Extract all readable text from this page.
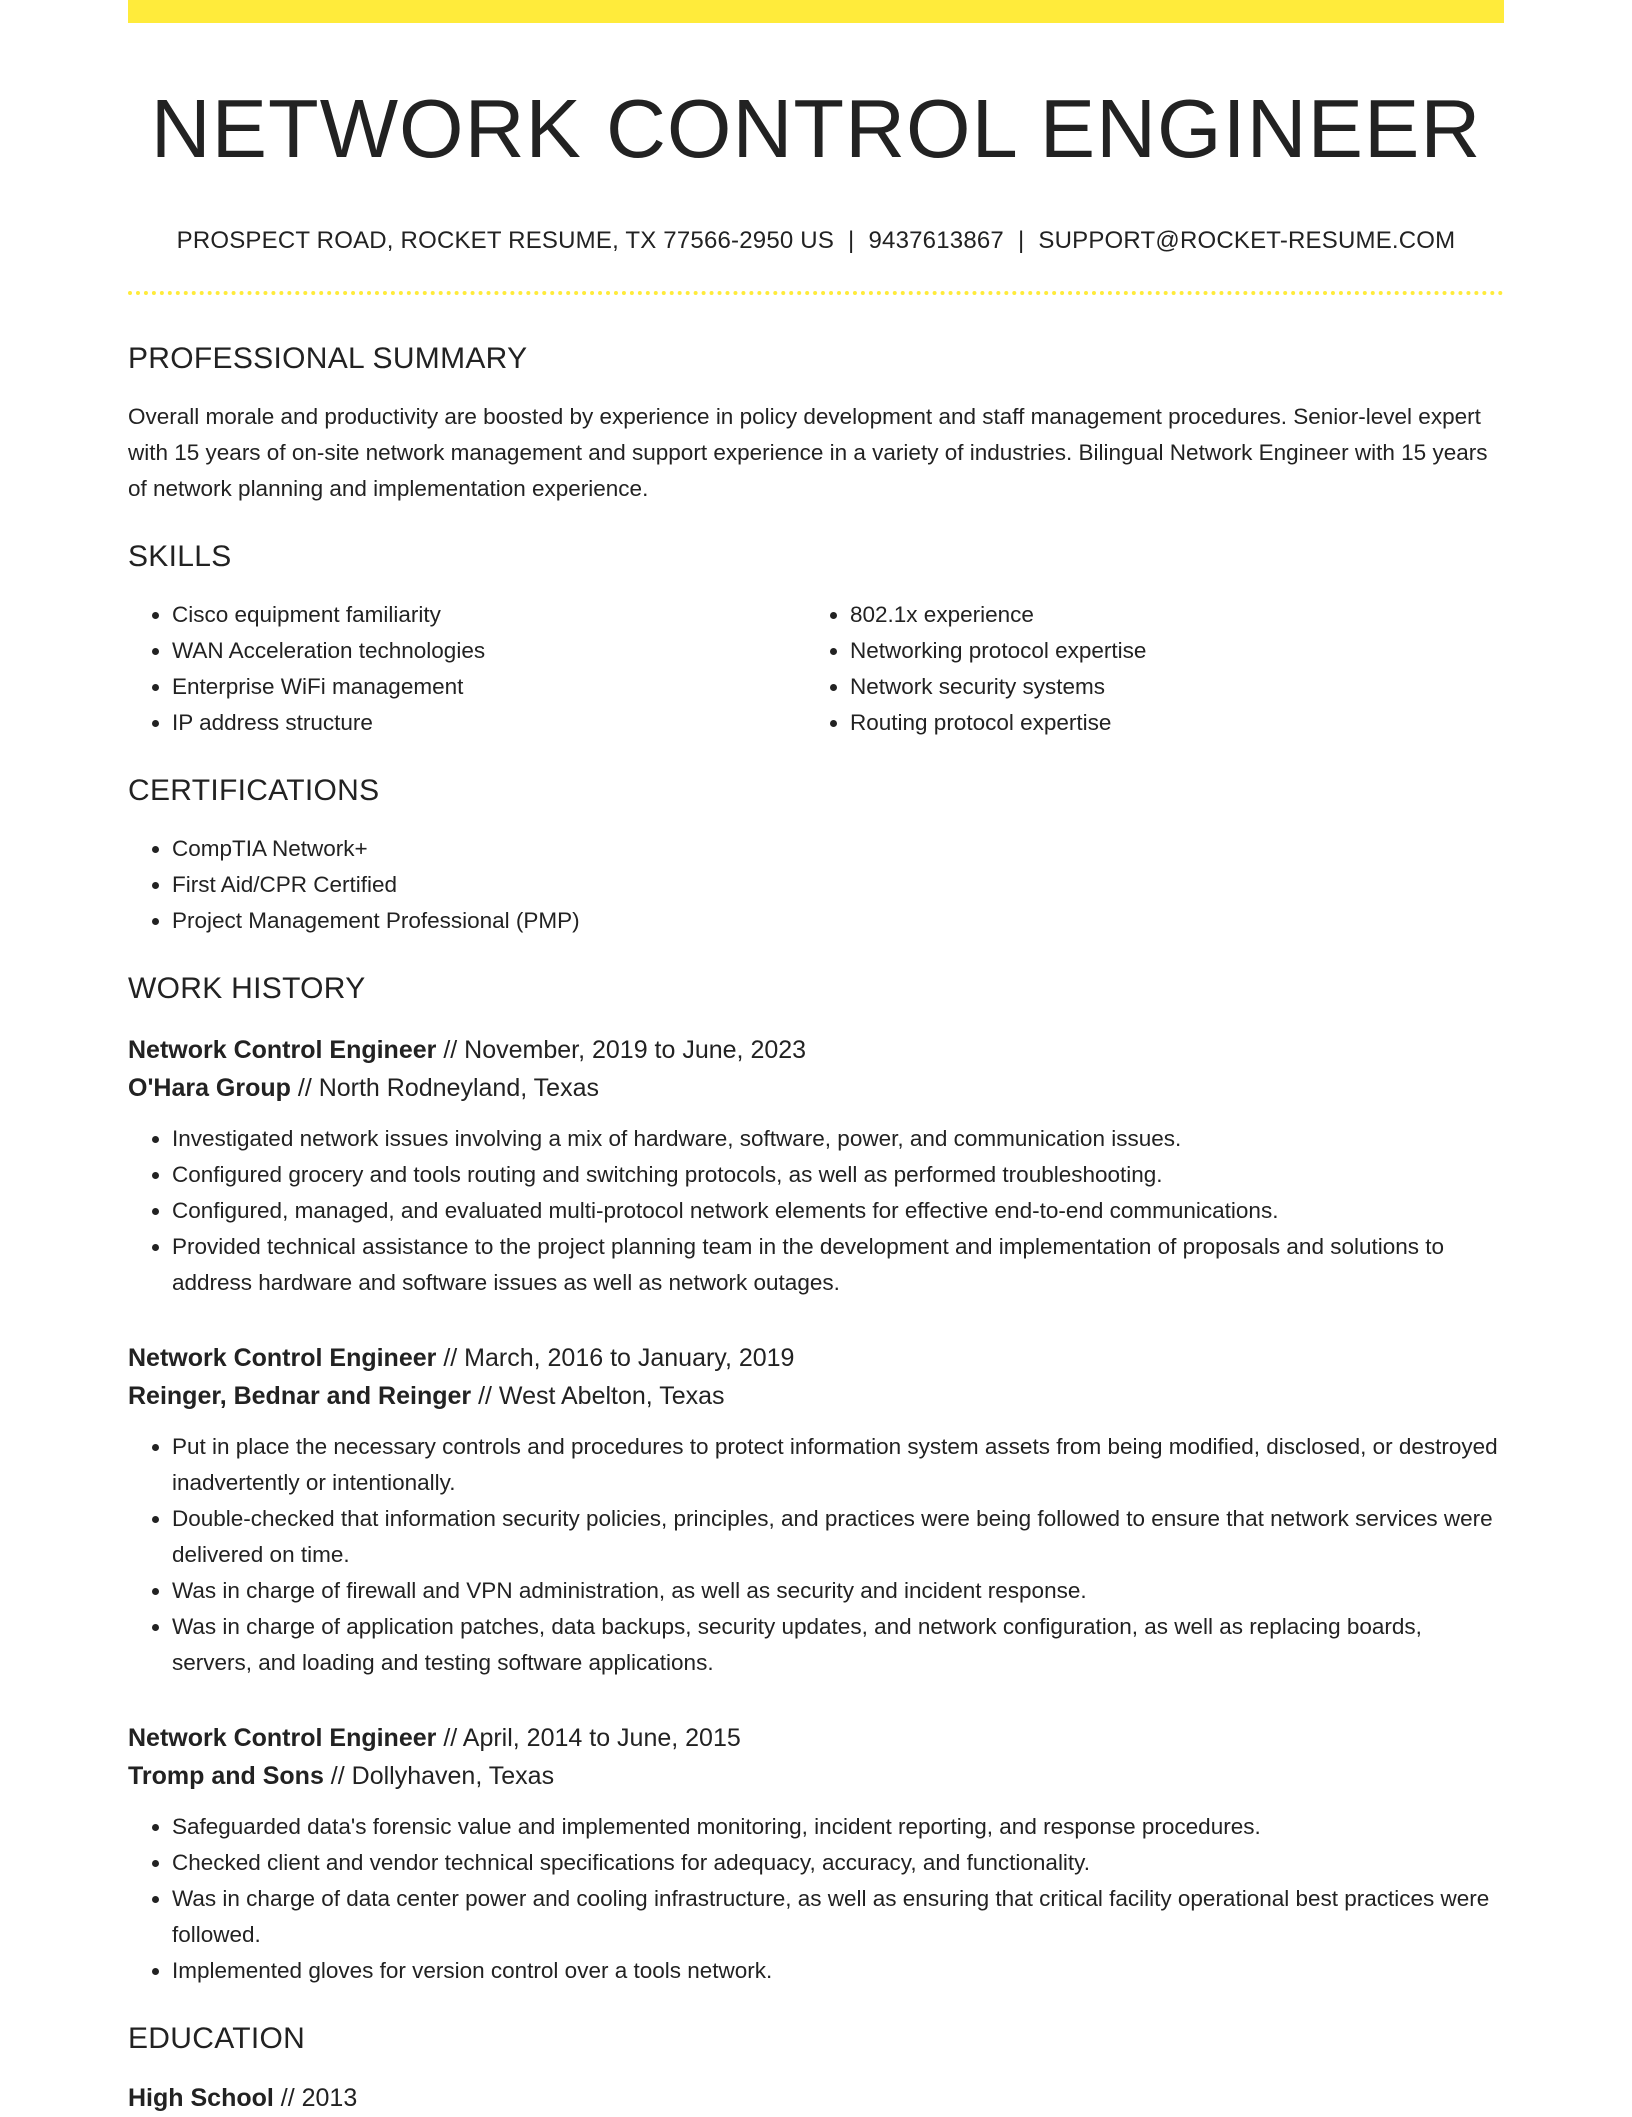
NETWORK CONTROL ENGINEER
PROSPECT ROAD, ROCKET RESUME, TX 77566-2950 US | 9437613867 | SUPPORT@ROCKET-RESUME.COM
PROFESSIONAL SUMMARY
Overall morale and productivity are boosted by experience in policy development and staff management procedures. Senior-level expert with 15 years of on-site network management and support experience in a variety of industries. Bilingual Network Engineer with 15 years of network planning and implementation experience.
SKILLS
• Cisco equipment familiarity
• WAN Acceleration technologies
• Enterprise WiFi management
• IP address structure
• 802.1x experience
• Networking protocol expertise
• Network security systems
• Routing protocol expertise
CERTIFICATIONS
• CompTIA Network+
• First Aid/CPR Certified
• Project Management Professional (PMP)
WORK HISTORY
Network Control Engineer // November, 2019 to June, 2023
O'Hara Group // North Rodneyland, Texas
• Investigated network issues involving a mix of hardware, software, power, and communication issues.
• Configured grocery and tools routing and switching protocols, as well as performed troubleshooting.
• Configured, managed, and evaluated multi-protocol network elements for effective end-to-end communications.
• Provided technical assistance to the project planning team in the development and implementation of proposals and solutions to address hardware and software issues as well as network outages.
Network Control Engineer // March, 2016 to January, 2019
Reinger, Bednar and Reinger // West Abelton, Texas
• Put in place the necessary controls and procedures to protect information system assets from being modified, disclosed, or destroyed inadvertently or intentionally.
• Double-checked that information security policies, principles, and practices were being followed to ensure that network services were delivered on time.
• Was in charge of firewall and VPN administration, as well as security and incident response.
• Was in charge of application patches, data backups, security updates, and network configuration, as well as replacing boards, servers, and loading and testing software applications.
Network Control Engineer // April, 2014 to June, 2015
Tromp and Sons // Dollyhaven, Texas
• Safeguarded data's forensic value and implemented monitoring, incident reporting, and response procedures.
• Checked client and vendor technical specifications for adequacy, accuracy, and functionality.
• Was in charge of data center power and cooling infrastructure, as well as ensuring that critical facility operational best practices were followed.
• Implemented gloves for version control over a tools network.
EDUCATION
High School // 2013
